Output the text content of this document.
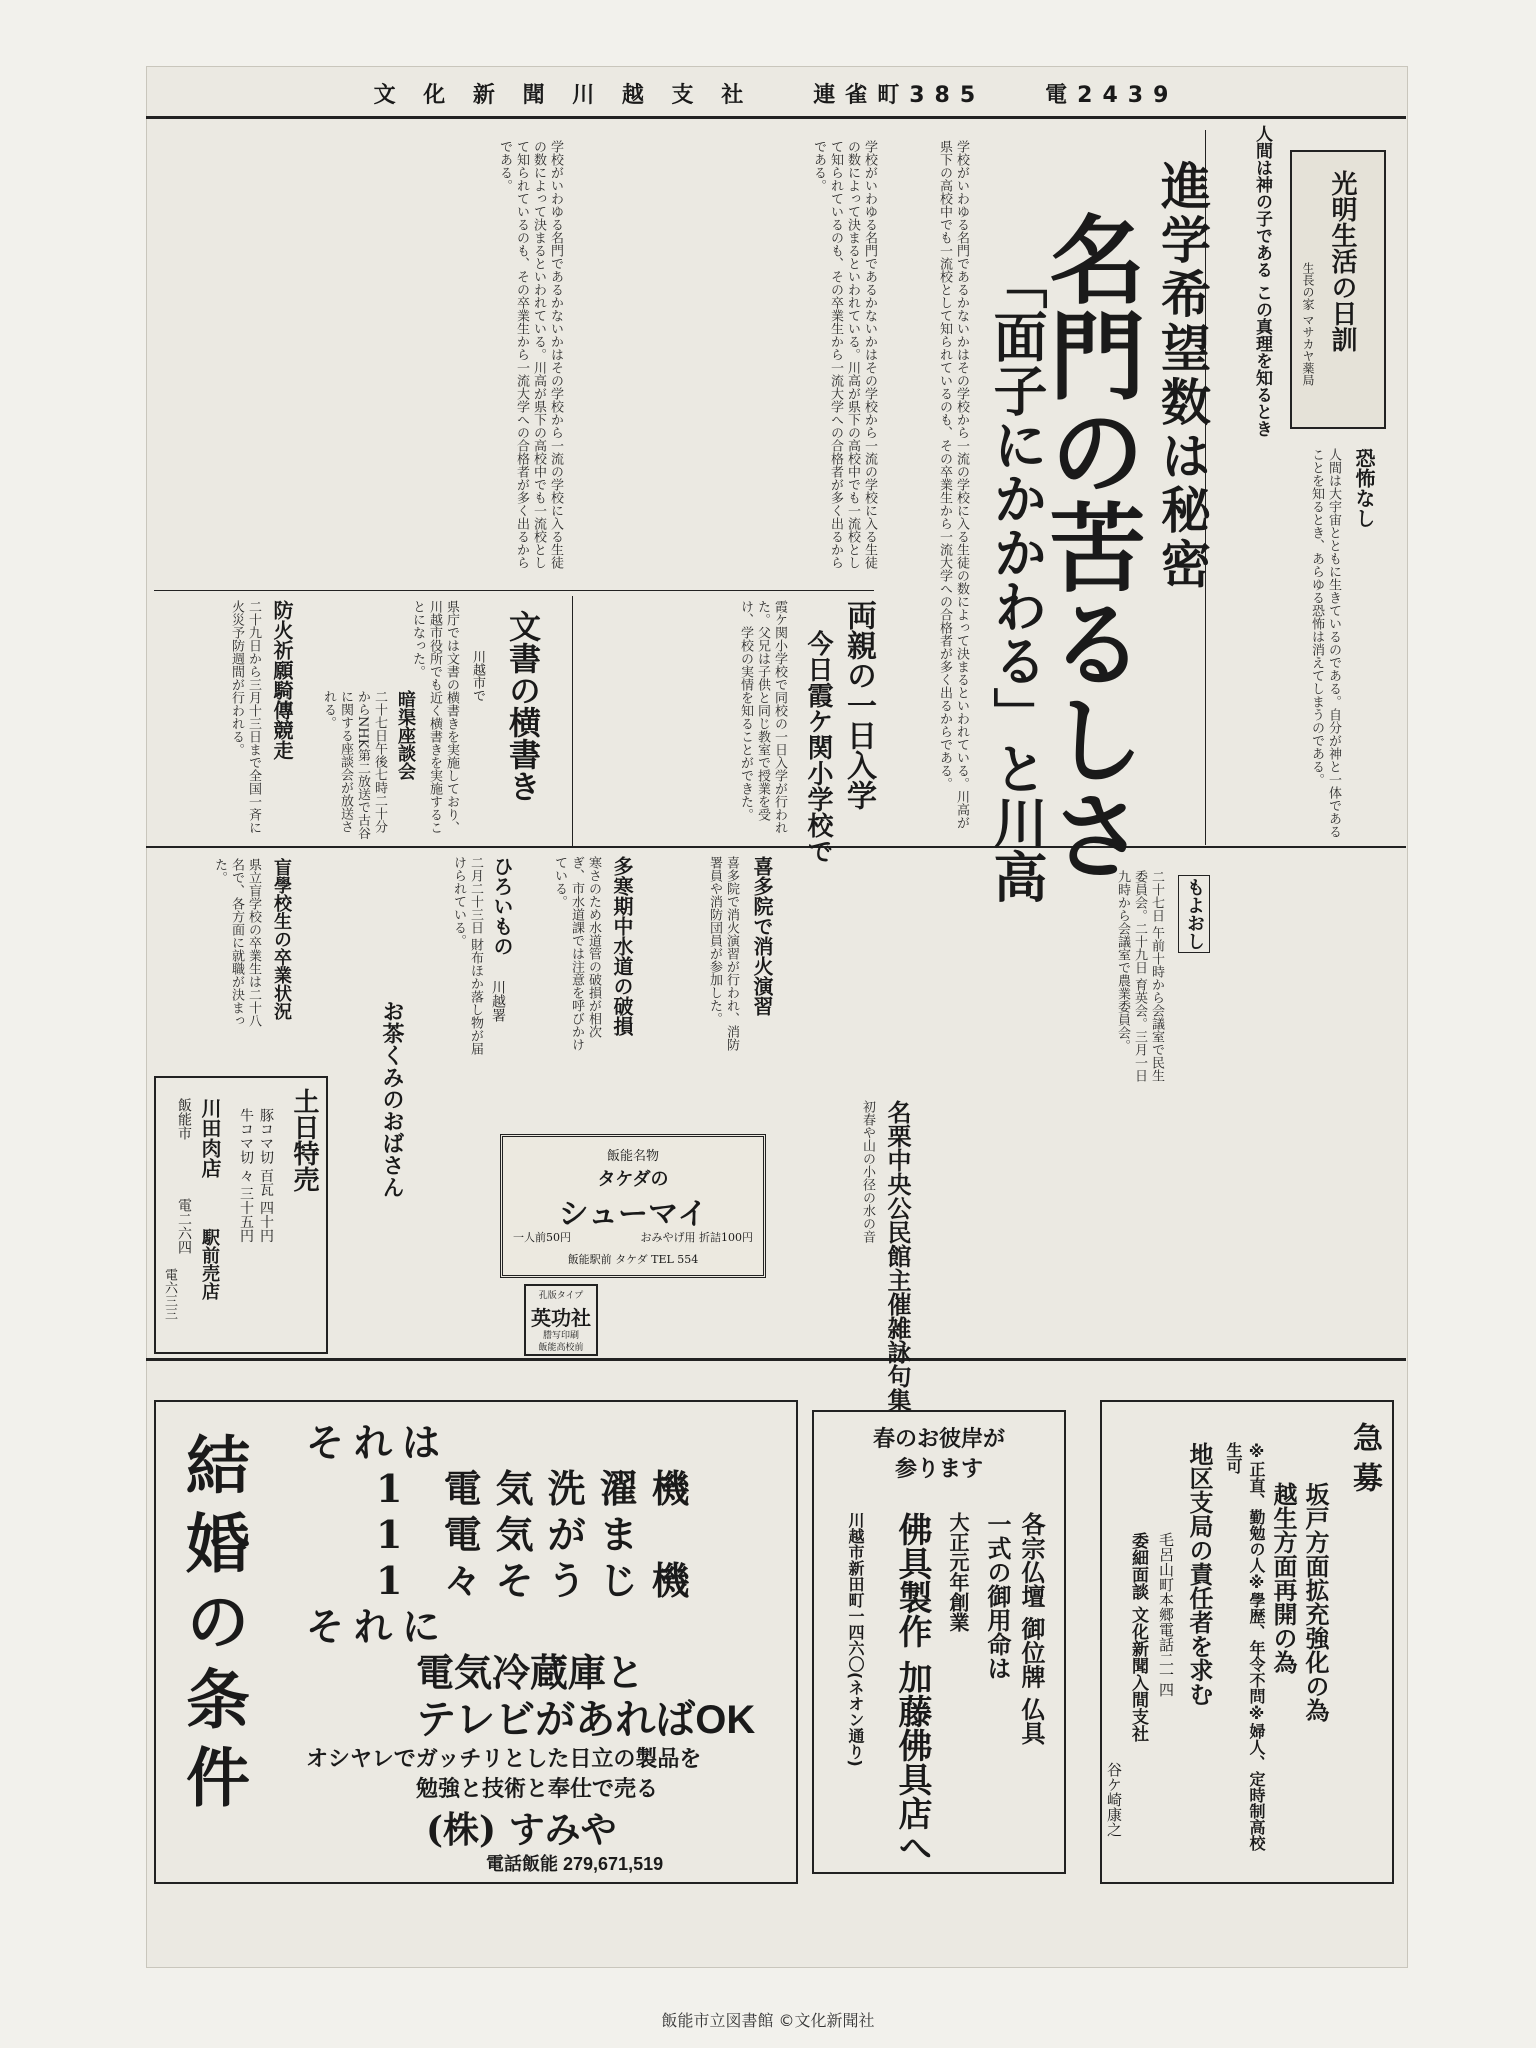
文 化 新 聞 川 越 支 社	連雀町385	電2439
光明生活の日訓
生長の家 マサカヤ薬局
人間は神の子である この真理を知るとき
恐怖なし
人間は大宇宙とともに生きているのである。自分が神と一体であることを知るとき、あらゆる恐怖は消えてしまうのである。
進学希望数は秘密
名門の苦るしさ
「面子にかかわる」と川高
学校がいわゆる名門であるかないかはその学校から一流の学校に入る生徒の数によって決まるといわれている。川高が県下の高校中でも一流校として知られているのも、その卒業生から一流大学への合格者が多く出るからである。
学校がいわゆる名門であるかないかはその学校から一流の学校に入る生徒の数によって決まるといわれている。川高が県下の高校中でも一流校として知られているのも、その卒業生から一流大学への合格者が多く出るからである。
学校がいわゆる名門であるかないかはその学校から一流の学校に入る生徒の数によって決まるといわれている。川高が県下の高校中でも一流校として知られているのも、その卒業生から一流大学への合格者が多く出るからである。
両親の一日入学
今日霞ケ関小学校で
霞ケ関小学校で同校の一日入学が行われた。父兄は子供と同じ教室で授業を受け、学校の実情を知ることができた。
文書の横書き
川越市で
県庁では文書の横書きを実施しており、川越市役所でも近く横書きを実施することになった。
防火祈願騎傳競走
二十九日から三月十三日まで全国一斉に火災予防週間が行われる。
もよおし
二十七日 午前十時から会議室で民生委員会。二十九日 育英会。三月一日 九時から会議室で農業委員会。
喜多院で消火演習
喜多院で消火演習が行われ、消防署員や消防団員が参加した。
多寒期中水道の破損
寒さのため水道管の破損が相次ぎ、市水道課では注意を呼びかけている。
ひろいもの
川越署
二月二十三日 財布ほか落し物が届けられている。
暗渠座談会
二十七日午後七時二十分からNHK第二放送で古谷に関する座談会が放送される。
盲學校生の卒業状況
県立盲学校の卒業生は二十八名で、各方面に就職が決まった。
お茶くみのおばさん
名栗中央公民館主催雑詠句集
初春や山の小径の水の音
土日特売
豚コマ切 百瓦 四十円
牛コマ切 々 三十五円
川田肉店
飯能市
電二六四
駅前売店
電六三三
飯能名物
タケダの
シューマイ
一人前50円	おみやげ用 折詰100円
飯能駅前 タケダ TEL 554
孔版タイプ
英功社
謄写印刷
飯能高校前
結婚の条件 それは
1 電気洗濯機
1 電気がま
1 々そうじ機
それに
電気冷蔵庫と
テレビがあればOK
オシヤレでガッチリとした日立の製品を
勉強と技術と奉仕で売る
(株) すみや
電話飯能 279,671,519
春のお彼岸が
参ります
各宗仏壇 御位牌 仏具
一式の御用命は
大正元年創業
佛具製作 加藤佛具店へ
川越市新田町一四六〇(ネオン通り)
急募
坂戸方面拡充強化の為
越生方面再開の為
※正直、勤勉の人※學歴、年令不問※婦人、定時制高校生可
地区支局の責任者を求む
毛呂山町本郷電話二一四
委細面談 文化新聞入間支社
谷ケ崎康之
飯能市立図書館 ©文化新聞社
